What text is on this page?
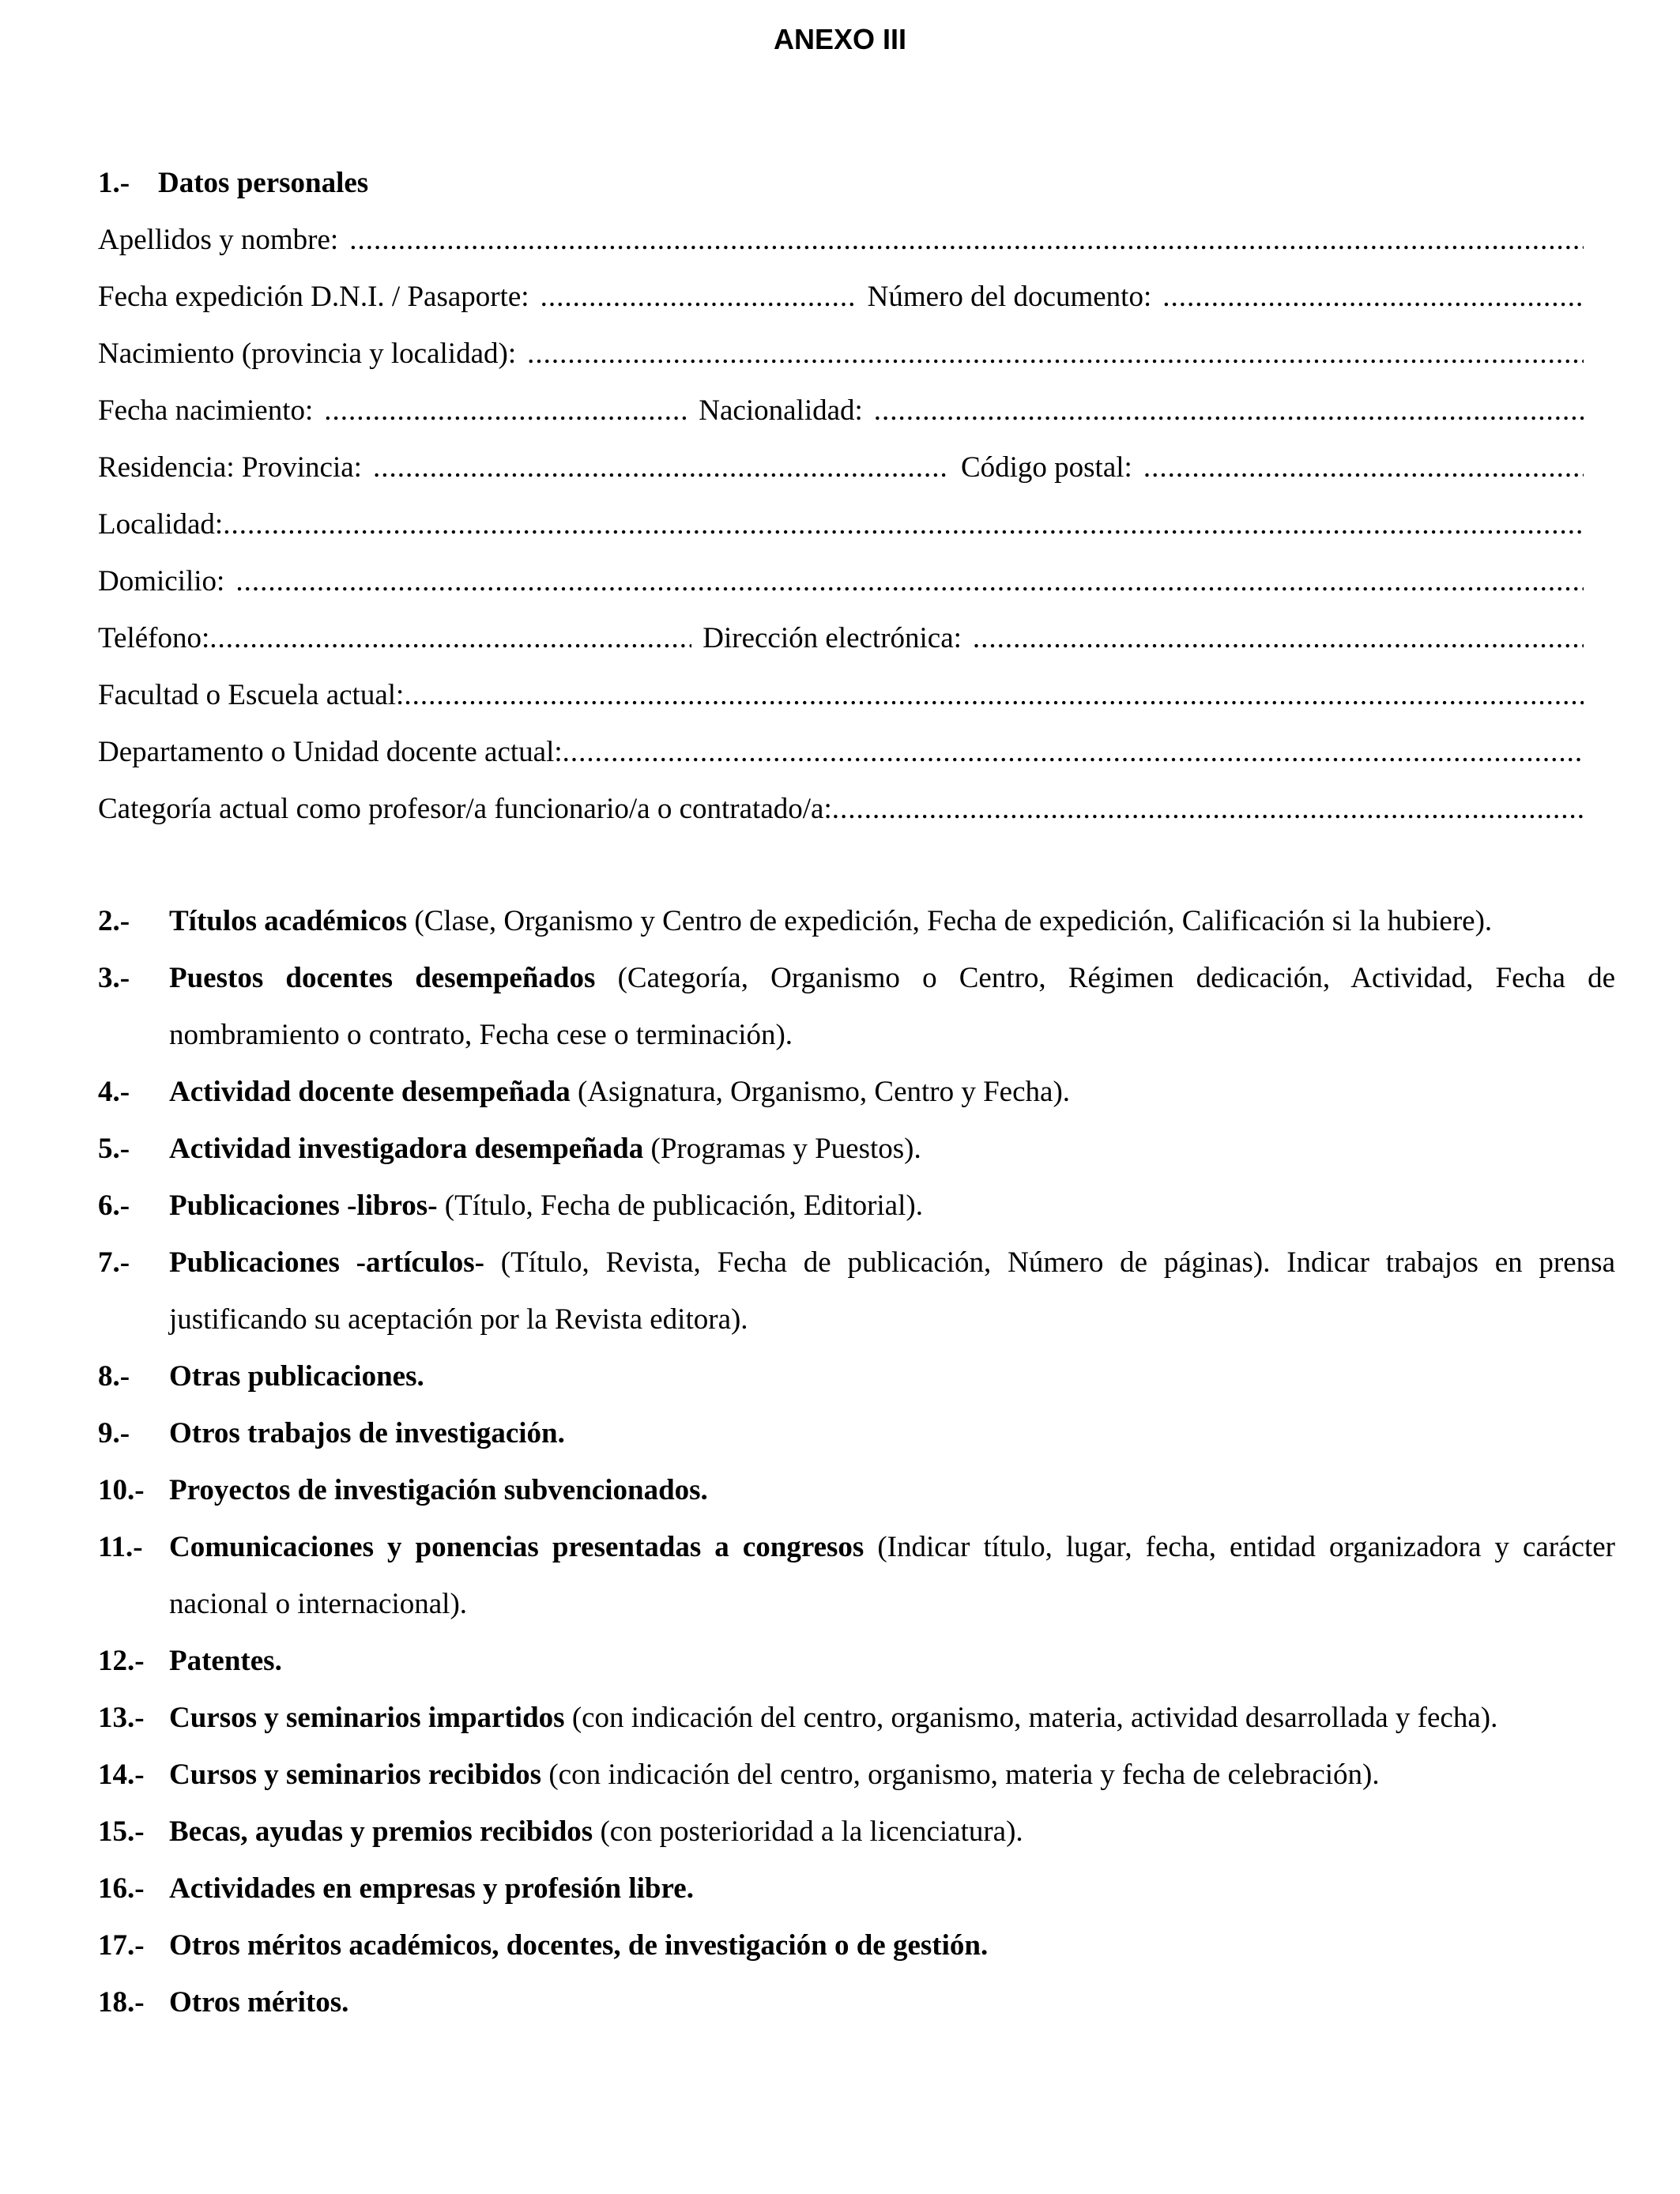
ANEXO III
1.- Datos personales
Apellidos y nombre:
.....
Fecha expedición D.N.I. / Pasaporte: .....	Número del documento:
.....
Nacimiento (provincia y localidad):
.....
Fecha nacimiento: .....	Nacionalidad:
.....
Residencia: Provincia: .....	Código postal:
.....
Localidad:
.....
Domicilio:
.....
Teléfono: .....	Dirección electrónica:
.....
Facultad o Escuela actual:
.....
Departamento o Unidad docente actual:
.....
Categoría actual como profesor/a funcionario/a o contratado/a:
.....
2.- Títulos académicos (Clase, Organismo y Centro de expedición, Fecha de expedición, Calificación si la hubiere).
3.- Puestos docentes desempeñados (Categoría, Organismo o Centro, Régimen dedicación, Actividad, Fecha de nombramiento o contrato, Fecha cese o terminación).
4.- Actividad docente desempeñada (Asignatura, Organismo, Centro y Fecha).
5.- Actividad investigadora desempeñada (Programas y Puestos).
6.- Publicaciones -libros- (Título, Fecha de publicación, Editorial).
7.- Publicaciones -artículos- (Título, Revista, Fecha de publicación, Número de páginas). Indicar trabajos en prensa justificando su aceptación por la Revista editora).
8.- Otras publicaciones.
9.- Otros trabajos de investigación.
10.- Proyectos de investigación subvencionados.
11.- Comunicaciones y ponencias presentadas a congresos (Indicar título, lugar, fecha, entidad organizadora y carácter nacional o internacional).
12.- Patentes.
13.- Cursos y seminarios impartidos (con indicación del centro, organismo, materia, actividad desarrollada y fecha).
14.- Cursos y seminarios recibidos (con indicación del centro, organismo, materia y fecha de celebración).
15.- Becas, ayudas y premios recibidos (con posterioridad a la licenciatura).
16.- Actividades en empresas y profesión libre.
17.- Otros méritos académicos, docentes, de investigación o de gestión.
18.- Otros méritos.
